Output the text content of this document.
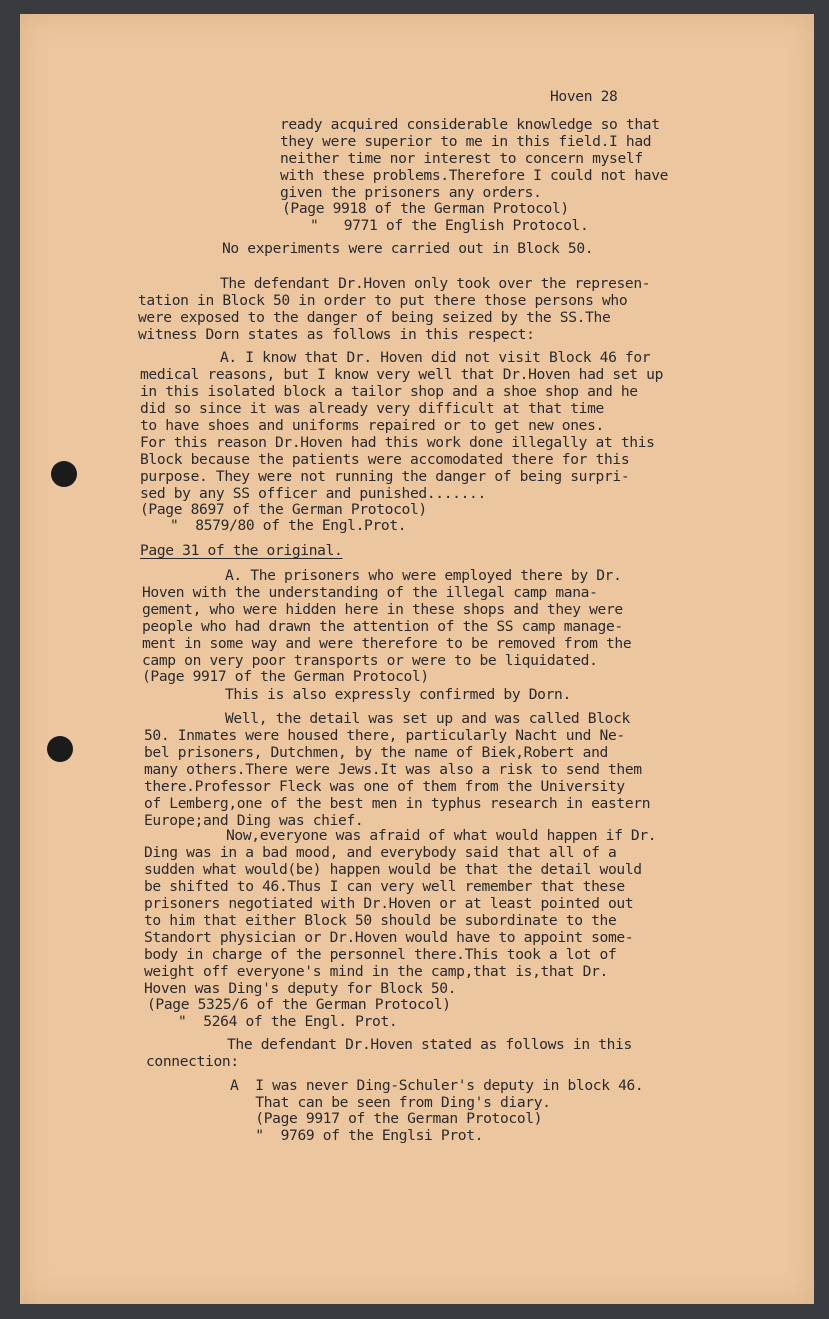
Hoven 28
ready acquired considerable knowledge so that
they were superior to me in this field.I had
neither time nor interest to concern myself
with these problems.Therefore I could not have
given the prisoners any orders.
(Page 9918 of the German Protocol)
"   9771 of the English Protocol.
No experiments were carried out in Block 50.
The defendant Dr.Hoven only took over the represen-
tation in Block 50 in order to put there those persons who
were exposed to the danger of being seized by the SS.The
witness Dorn states as follows in this respect:
A. I know that Dr. Hoven did not visit Block 46 for
medical reasons, but I know very well that Dr.Hoven had set up
in this isolated block a tailor shop and a shoe shop and he
did so since it was already very difficult at that time
to have shoes and uniforms repaired or to get new ones.
For this reason Dr.Hoven had this work done illegally at this
Block because the patients were accomodated there for this
purpose. They were not running the danger of being surpri-
sed by any SS officer and punished.......
(Page 8697 of the German Protocol)
"  8579/80 of the Engl.Prot.
Page 31 of the original.
A. The prisoners who were employed there by Dr.
Hoven with the understanding of the illegal camp mana-
gement, who were hidden here in these shops and they were
people who had drawn the attention of the SS camp manage-
ment in some way and were therefore to be removed from the
camp on very poor transports or were to be liquidated.
(Page 9917 of the German Protocol)
This is also expressly confirmed by Dorn.
Well, the detail was set up and was called Block
50. Inmates were housed there, particularly Nacht und Ne-
bel prisoners, Dutchmen, by the name of Biek,Robert and
many others.There were Jews.It was also a risk to send them
there.Professor Fleck was one of them from the University
of Lemberg,one of the best men in typhus research in eastern
Europe;and Ding was chief.
Now,everyone was afraid of what would happen if Dr.
Ding was in a bad mood, and everybody said that all of a
sudden what would(be) happen would be that the detail would
be shifted to 46.Thus I can very well remember that these
prisoners negotiated with Dr.Hoven or at least pointed out
to him that either Block 50 should be subordinate to the
Standort physician or Dr.Hoven would have to appoint some-
body in charge of the personnel there.This took a lot of
weight off everyone's mind in the camp,that is,that Dr.
Hoven was Ding's deputy for Block 50.
(Page 5325/6 of the German Protocol)
"  5264 of the Engl. Prot.
The defendant Dr.Hoven stated as follows in this
connection:
A  I was never Ding-Schuler's deputy in block 46.
That can be seen from Ding's diary.
(Page 9917 of the German Protocol)
"  9769 of the Englsi Prot.
